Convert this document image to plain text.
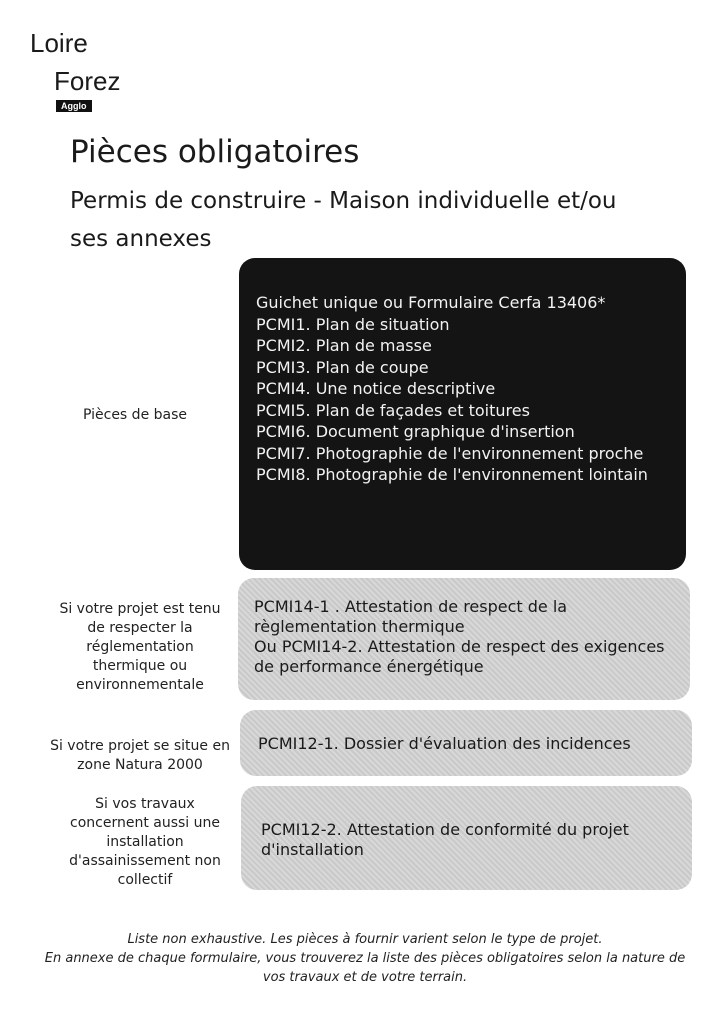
Loire
Forez
Agglo
Pièces obligatoires
Permis de construire - Maison individuelle et/ou ses annexes
Pièces de base
Guichet unique ou Formulaire Cerfa 13406*
PCMI1. Plan de situation
PCMI2. Plan de masse
PCMI3. Plan de coupe
PCMI4. Une notice descriptive
PCMI5. Plan de façades et toitures
PCMI6. Document graphique d'insertion
PCMI7. Photographie de l'environnement proche
PCMI8. Photographie de l'environnement lointain
Si votre projet est tenu de respecter la réglementation thermique ou environnementale

PCMI14-1 . Attestation de respect de la règlementation thermique

Ou PCMI14-2. Attestation de respect des exigences de performance énergétique

Si votre projet se situe en zone Natura 2000

PCMI12-1. Dossier d'évaluation des incidences

Si vos travaux concernent aussi une installation d'assainissement non collectif

PCMI12-2. Attestation de conformité du projet d'installation

Liste non exhaustive. Les pièces à fournir varient selon le type de projet.

En annexe de chaque formulaire, vous trouverez la liste des pièces obligatoires selon la nature de vos travaux et de votre terrain.
